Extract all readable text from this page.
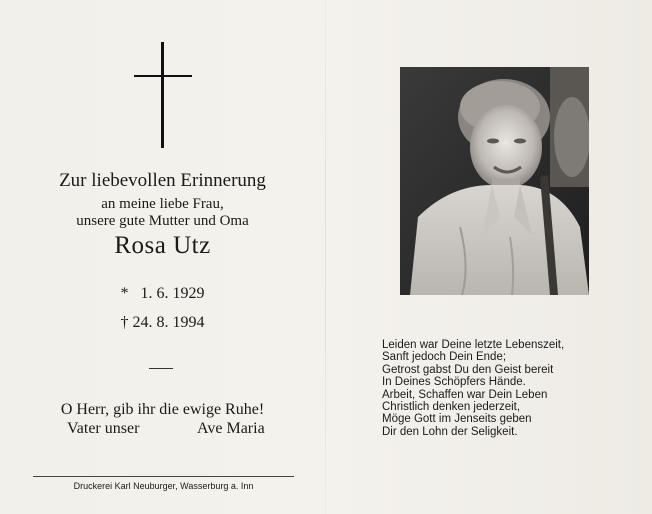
Zur liebevollen Erinnerung
an meine liebe Frau,
unsere gute Mutter und Oma
Rosa Utz
*   1. 6. 1929
† 24. 8. 1994
O Herr, gib ihr die ewige Ruhe!
Vater unser	Ave Maria
Druckerei Karl Neuburger, Wasserburg a. Inn
Leiden war Deine letzte Lebenszeit,
Sanft jedoch Dein Ende;
Getrost gabst Du den Geist bereit
In Deines Schöpfers Hände.
Arbeit, Schaffen war Dein Leben
Christlich denken jederzeit,
Möge Gott im Jenseits geben
Dir den Lohn der Seligkeit.
